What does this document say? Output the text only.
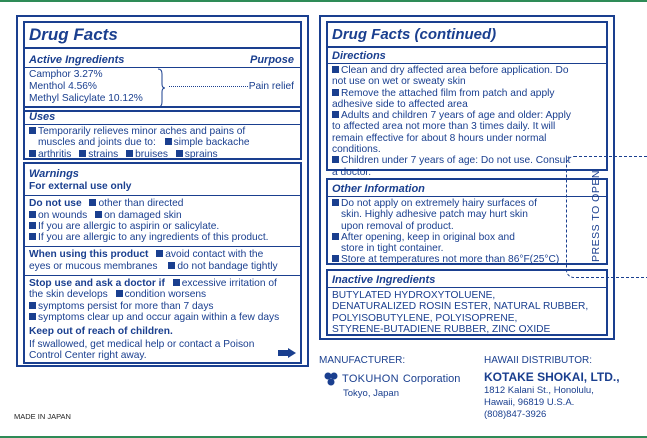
Drug Facts
Active Ingredients	Purpose
Camphor 3.27%
Menthol 4.56%
Methyl Salicylate 10.12%
Pain relief
Uses
Temporarily relieves minor aches and pains of
muscles and joints due to: simple backache
arthritis strains bruises sprains
Warnings
For external use only
Do not use other than directed
on wounds on damaged skin
If you are allergic to aspirin or salicylate.
If you are allergic to any ingredients of this product.
When using this product avoid contact with the
eyes or mucous membranes do not bandage tightly
Stop use and ask a doctor if excessive irritation of
the skin develops condition worsens
symptoms persist for more than 7 days
symptoms clear up and occur again within a few days
Keep out of reach of children.
If swallowed, get medical help or contact a Poison
Control Center right away.
Drug Facts (continued)
Directions
Clean and dry affected area before application. Do
not use on wet or sweaty skin
Remove the attached film from patch and apply
adhesive side to affected area
Adults and children 7 years of age and older: Apply
to affected area not more than 3 times daily. It will
remain effective for about 8 hours under normal
conditions.
Children under 7 years of age: Do not use. Consult
a doctor.
Other Information
Do not apply on extremely hairy surfaces of
skin. Highly adhesive patch may hurt skin
upon removal of product.
After opening, keep in original box and
store in tight container.
Store at temperatures not more than 86°F(25°C)
Inactive Ingredients
BUTYLATED HYDROXYTOLUENE,
DENATURALIZED ROSIN ESTER, NATURAL RUBBER,
POLYISOBUTYLENE, POLYISOPRENE,
STYRENE-BUTADIENE RUBBER, ZINC OXIDE
PRESS TO OPEN
MANUFACTURER:
TOKUHON Corporation
Tokyo, Japan
HAWAII DISTRIBUTOR:
KOTAKE SHOKAI, LTD.,
1812 Kalani St., Honolulu,
Hawaii, 96819 U.S.A.
(808)847-3926
MADE IN JAPAN
